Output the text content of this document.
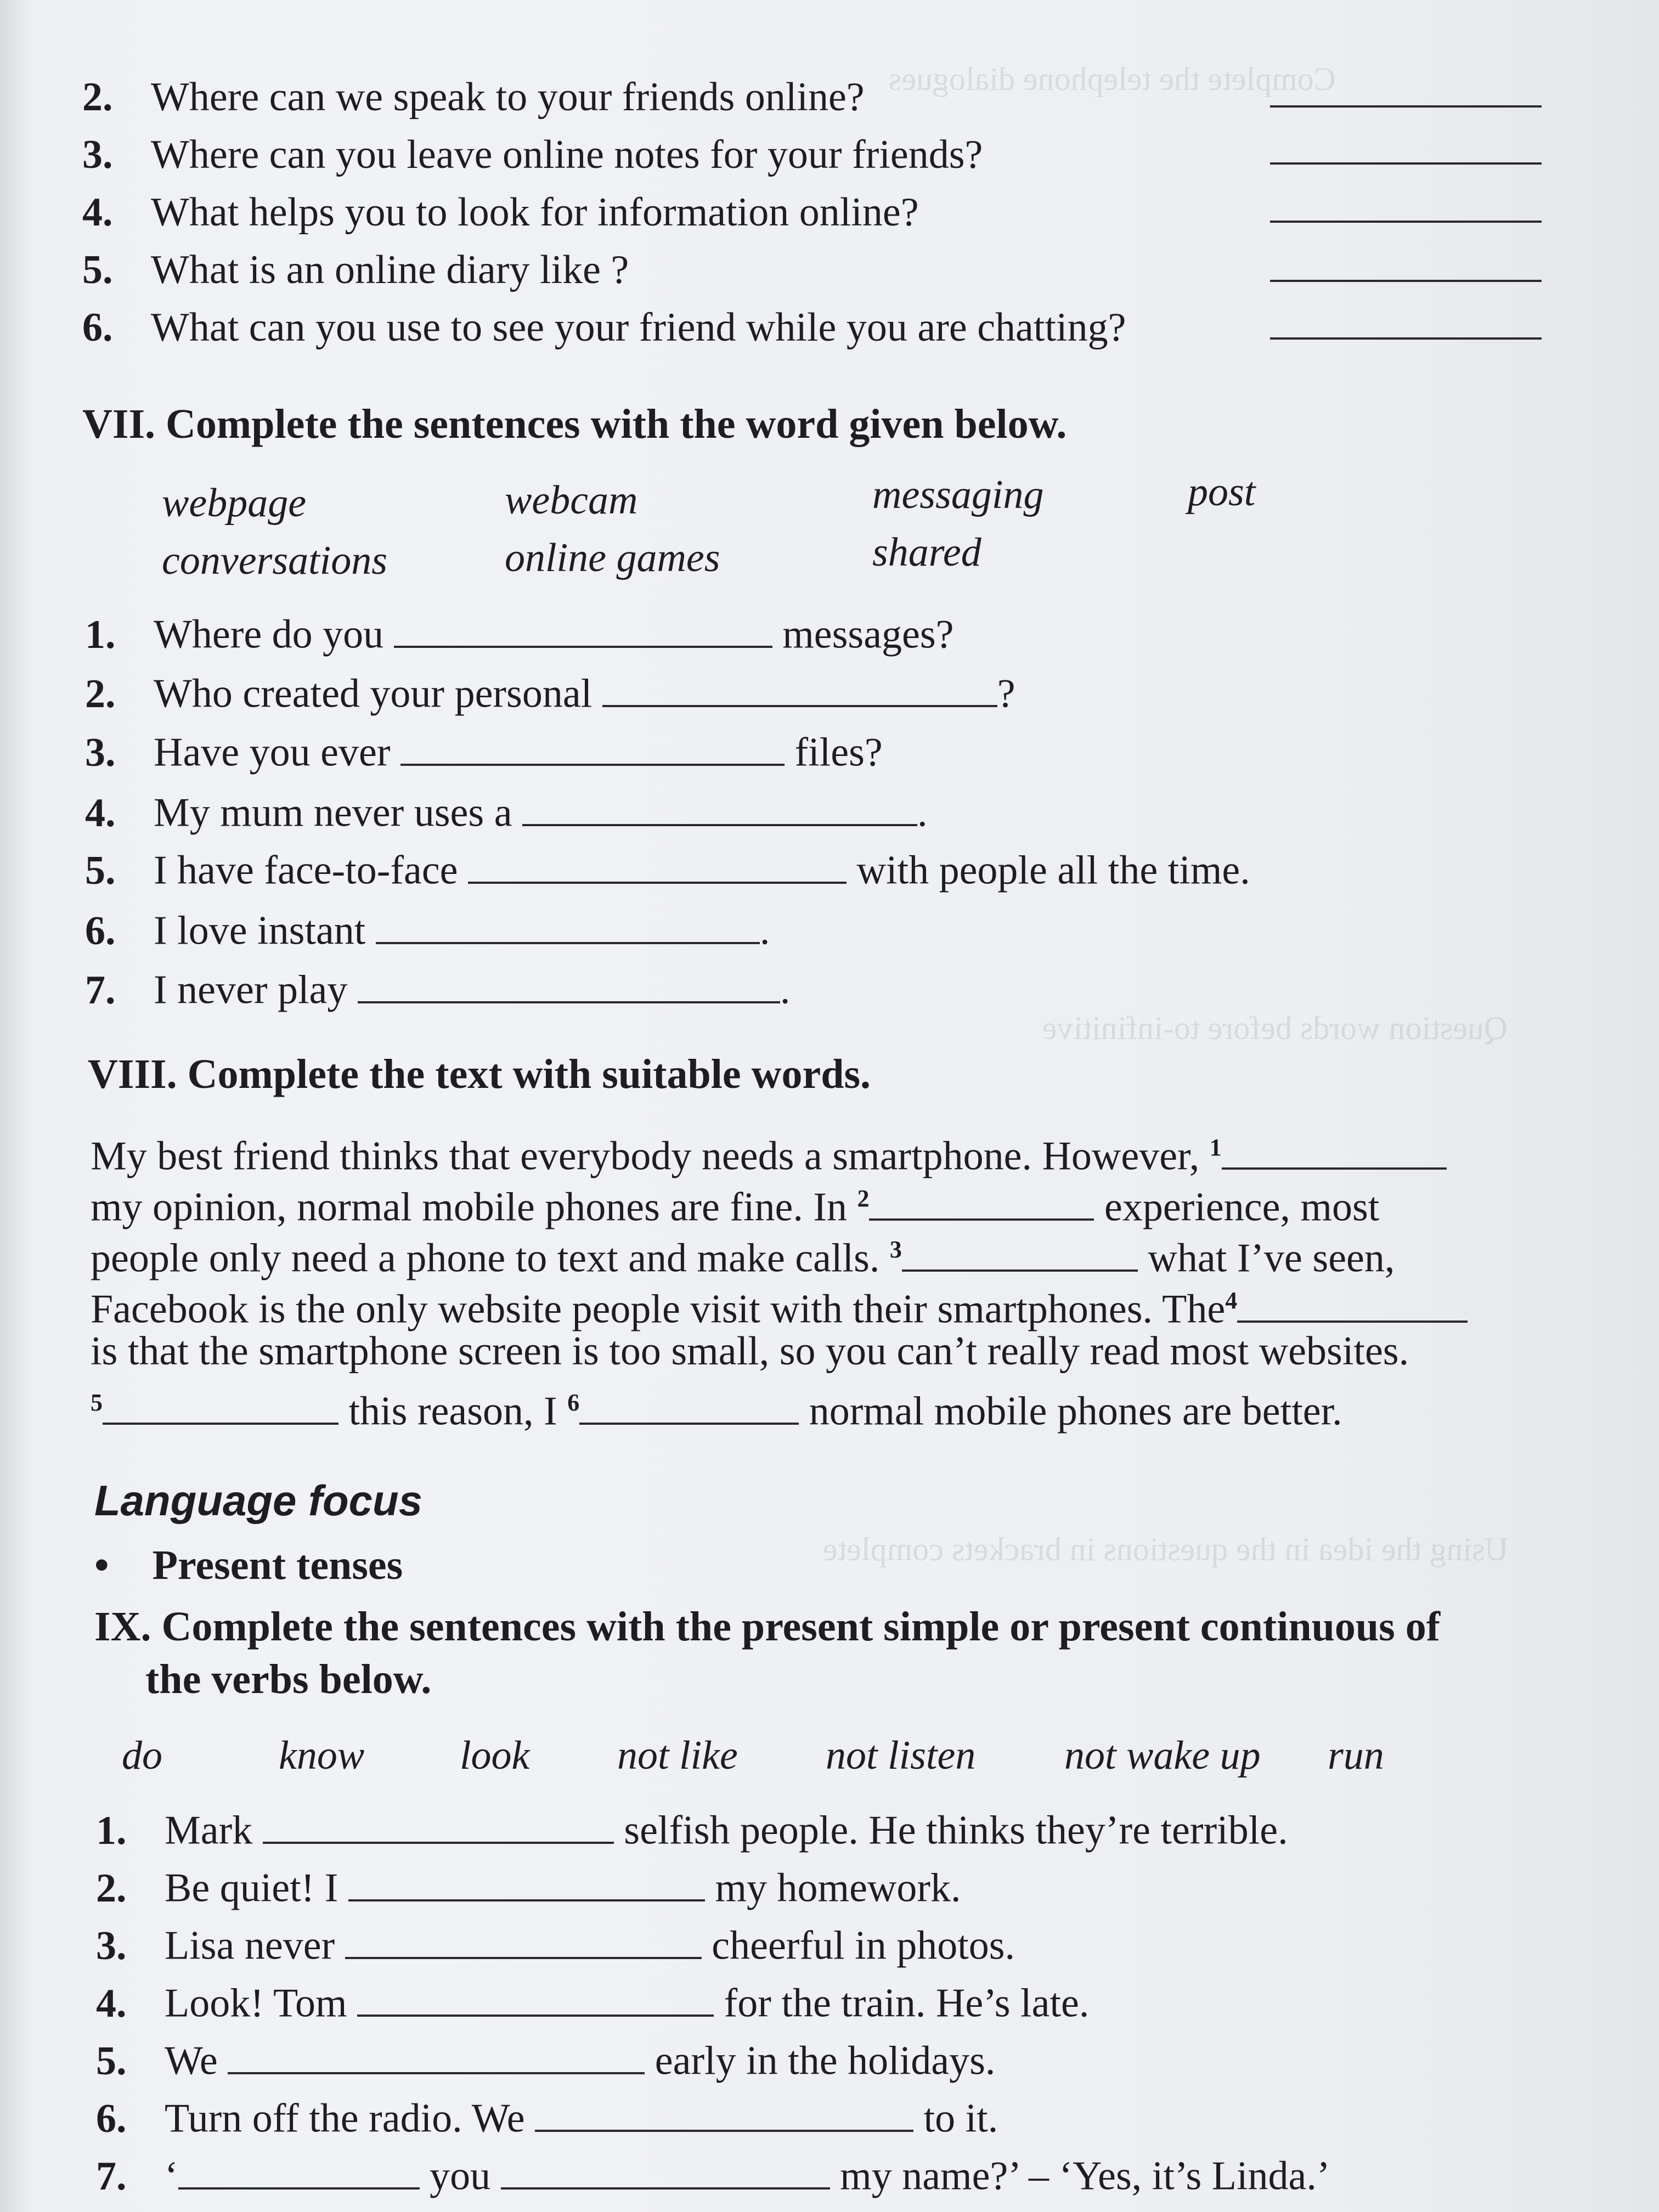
Complete the telephone dialogues
Question words before to-infinitive
Using the idea in the questions in brackets complete
2. Where can we speak to your friends online?
3. Where can you leave online notes for your friends?
4. What helps you to look for information online?
5. What is an online diary like ?
6. What can you use to see your friend while you are chatting?
VII. Complete the sentences with the word given below.
webpage	webcam	messaging	post
conversations	online games	shared
1. Where do you	messages?
2. Who created your personal	?
3. Have you ever	files?
4. My mum never uses a	.
5. I have face-to-face	with people all the time.
6. I love instant	.
7. I never play	.
VIII. Complete the text with suitable words.
My best friend thinks that everybody needs a smartphone. However, $^1$
my opinion, normal mobile phones are fine. In $^2$	experience, most
people only need a phone to text and make calls. $^3$	what I’ve seen,
Facebook is the only website people visit with their smartphones. The$^4$
is that the smartphone screen is too small, so you can’t really read most websites.
$^5$	this reason, I $^6$	normal mobile phones are better.
Language focus
• Present tenses
IX. Complete the sentences with the present simple or present continuous of
the verbs below.
do	know look not like not listen not wake up run
1. Mark	selfish people. He thinks they’re terrible.
2. Be quiet! I	my homework.
3. Lisa never	cheerful in photos.
4. Look! Tom	for the train. He’s late.
5. We	early in the holidays.
6. Turn off the radio. We	to it.
7. ‘	you	my name?’ – ‘Yes, it’s Linda.’
